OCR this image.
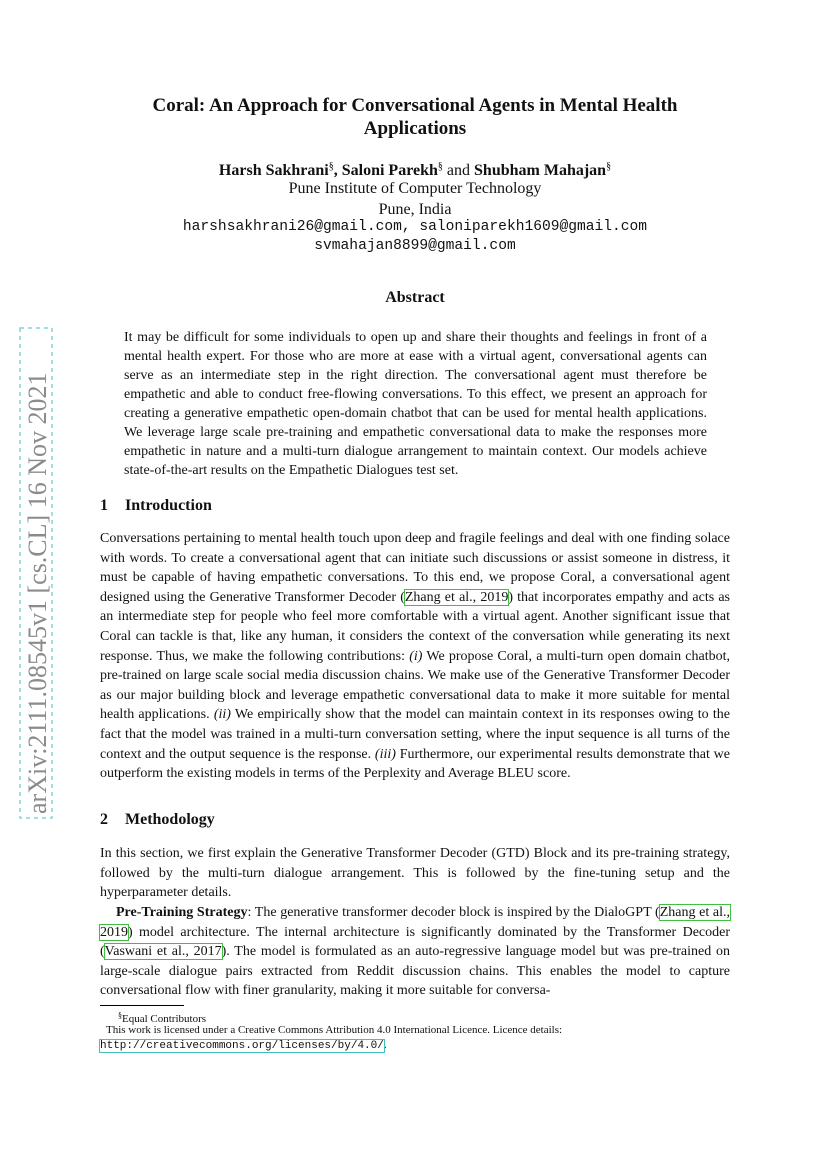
arXiv:2111.08545v1 [cs.CL] 16 Nov 2021
Coral: An Approach for Conversational Agents in Mental Health Applications
Harsh Sakhrani§, Saloni Parekh§ and Shubham Mahajan§
Pune Institute of Computer Technology
Pune, India
harshsakhrani26@gmail.com, saloniparekh1609@gmail.com
svmahajan8899@gmail.com
Abstract
It may be difficult for some individuals to open up and share their thoughts and feelings in front of a mental health expert. For those who are more at ease with a virtual agent, conversational agents can serve as an intermediate step in the right direction. The conversational agent must therefore be empathetic and able to conduct free-flowing conversations. To this effect, we present an approach for creating a generative empathetic open-domain chatbot that can be used for mental health applications. We leverage large scale pre-training and empathetic conversational data to make the responses more empathetic in nature and a multi-turn dialogue arrangement to maintain context. Our models achieve state-of-the-art results on the Empathetic Dialogues test set.
1 Introduction
Conversations pertaining to mental health touch upon deep and fragile feelings and deal with one finding solace with words. To create a conversational agent that can initiate such discussions or assist someone in distress, it must be capable of having empathetic conversations. To this end, we propose Coral, a conversational agent designed using the Generative Transformer Decoder (Zhang et al., 2019) that incorporates empathy and acts as an intermediate step for people who feel more comfortable with a virtual agent. Another significant issue that Coral can tackle is that, like any human, it considers the context of the conversation while generating its next response. Thus, we make the following contributions: (i) We propose Coral, a multi-turn open domain chatbot, pre-trained on large scale social media discussion chains. We make use of the Generative Transformer Decoder as our major building block and leverage empathetic conversational data to make it more suitable for mental health applications. (ii) We empirically show that the model can maintain context in its responses owing to the fact that the model was trained in a multi-turn conversation setting, where the input sequence is all turns of the context and the output sequence is the response. (iii) Furthermore, our experimental results demonstrate that we outperform the existing models in terms of the Perplexity and Average BLEU score.
2 Methodology
In this section, we first explain the Generative Transformer Decoder (GTD) Block and its pre-training strategy, followed by the multi-turn dialogue arrangement. This is followed by the fine-tuning setup and the hyperparameter details.
Pre-Training Strategy: The generative transformer decoder block is inspired by the DialoGPT (Zhang et al., 2019) model architecture. The internal architecture is significantly dominated by the Transformer Decoder (Vaswani et al., 2017). The model is formulated as an auto-regressive language model but was pre-trained on large-scale dialogue pairs extracted from Reddit discussion chains. This enables the model to capture conversational flow with finer granularity, making it more suitable for conversa-
§Equal Contributors
This work is licensed under a Creative Commons Attribution 4.0 International Licence. Licence details:
http://creativecommons.org/licenses/by/4.0/.
